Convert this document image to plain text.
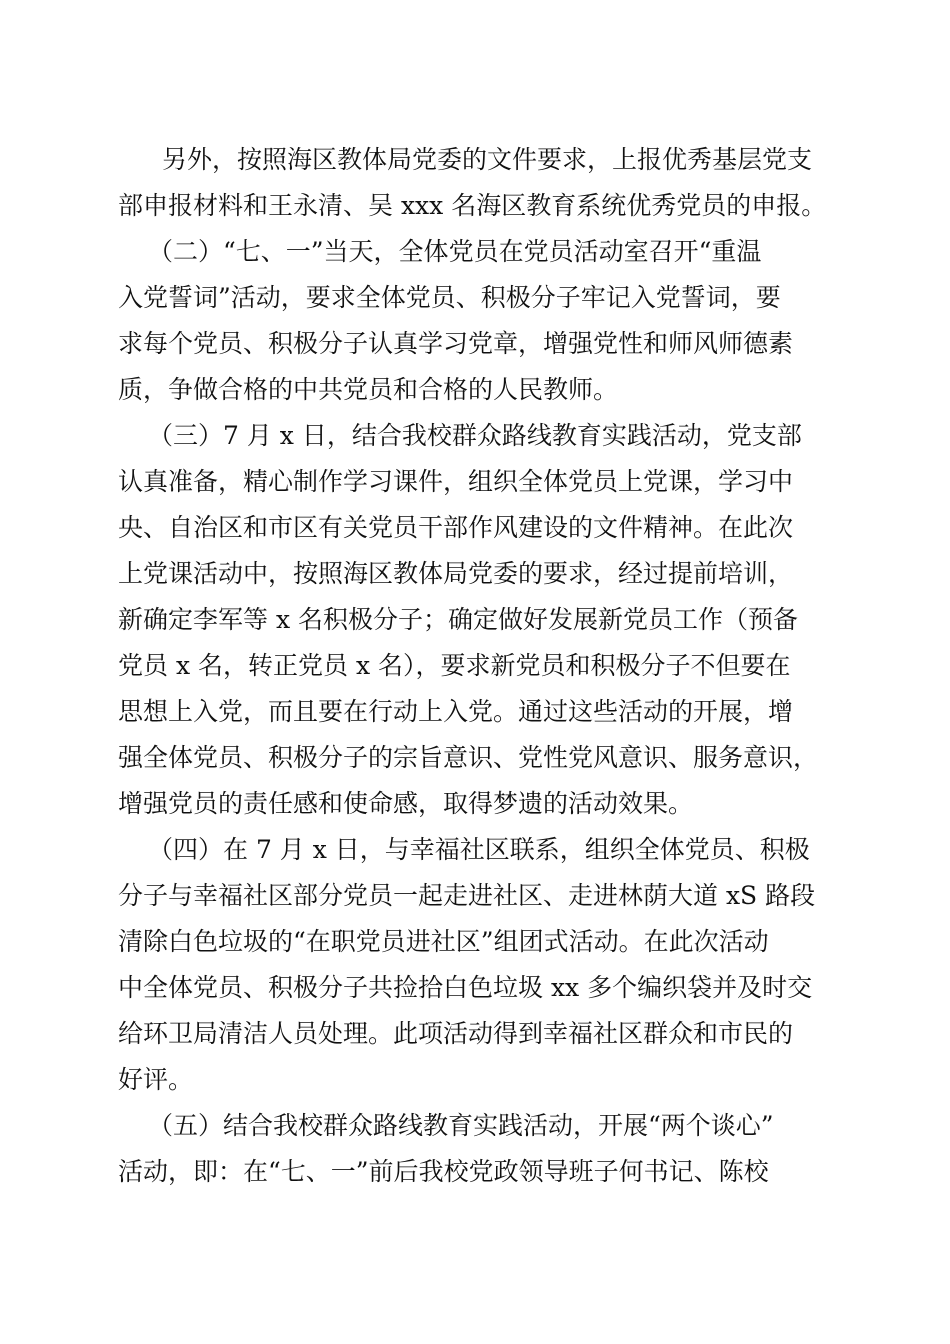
另外，按照海区教体局党委的文件要求，上报优秀基层党支
部申报材料和王永清、吴 xxx 名海区教育系统优秀党员的申报。
（二）“七、一”当天，全体党员在党员活动室召开“重温
入党誓词”活动，要求全体党员、积极分子牢记入党誓词，要
求每个党员、积极分子认真学习党章，增强党性和师风师德素
质，争做合格的中共党员和合格的人民教师。
（三）7 月 x 日，结合我校群众路线教育实践活动，党支部
认真准备，精心制作学习课件，组织全体党员上党课，学习中
央、自治区和市区有关党员干部作风建设的文件精神。在此次
上党课活动中，按照海区教体局党委的要求，经过提前培训，
新确定李军等 x 名积极分子；确定做好发展新党员工作（预备
党员 x 名，转正党员 x 名），要求新党员和积极分子不但要在
思想上入党，而且要在行动上入党。通过这些活动的开展，增
强全体党员、积极分子的宗旨意识、党性党风意识、服务意识，
增强党员的责任感和使命感，取得梦遗的活动效果。
（四）在 7 月 x 日，与幸福社区联系，组织全体党员、积极
分子与幸福社区部分党员一起走进社区、走进林荫大道 xS 路段
清除白色垃圾的“在职党员进社区”组团式活动。在此次活动
中全体党员、积极分子共捡拾白色垃圾 xx 多个编织袋并及时交
给环卫局清洁人员处理。此项活动得到幸福社区群众和市民的
好评。
（五）结合我校群众路线教育实践活动，开展“两个谈心”
活动，即：在“七、一”前后我校党政领导班子何书记、陈校
